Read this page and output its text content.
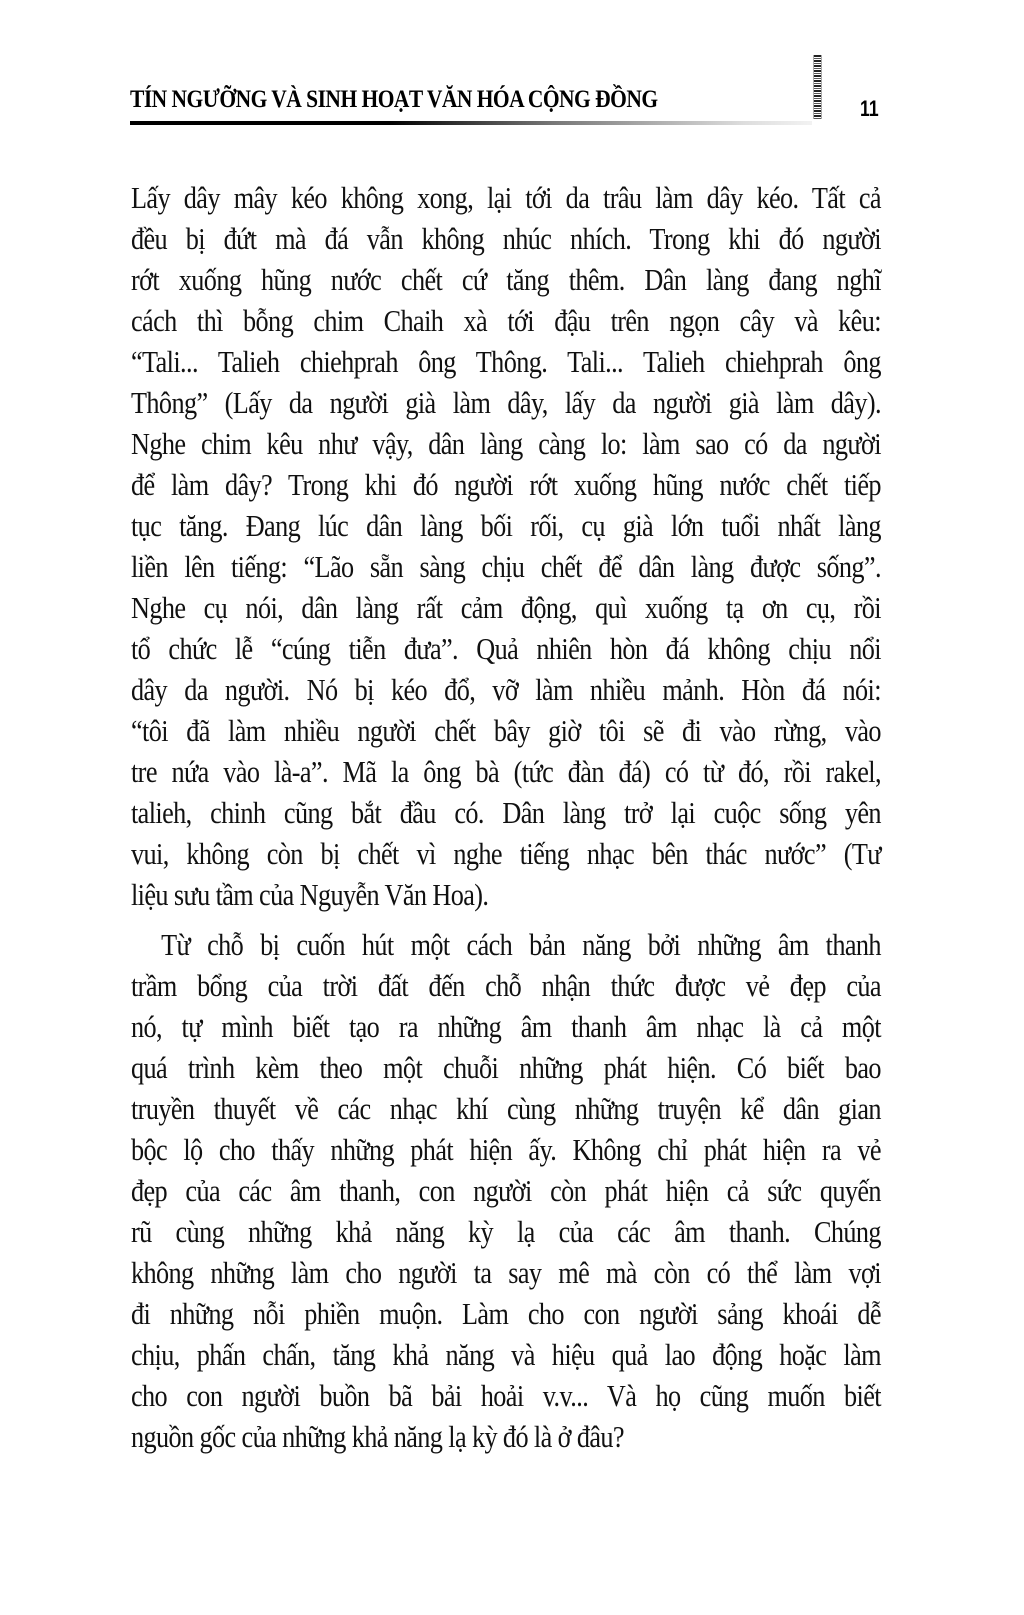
TÍN NGƯỠNG VÀ SINH HOẠT VĂN HÓA CỘNG ĐỒNG	11
Lấy dây mây kéo không xong, lại tới da trâu làm dây kéo. Tất cả
đều bị đứt mà đá vẫn không nhúc nhích. Trong khi đó người
rớt xuống hũng nước chết cứ tăng thêm. Dân làng đang nghĩ
cách thì bỗng chim Chaih xà tới đậu trên ngọn cây và kêu:
“Tali... Talieh chiehprah ông Thông. Tali... Talieh chiehprah ông
Thông” (Lấy da người già làm dây, lấy da người già làm dây).
Nghe chim kêu như vậy, dân làng càng lo: làm sao có da người
để làm dây? Trong khi đó người rớt xuống hũng nước chết tiếp
tục tăng. Đang lúc dân làng bối rối, cụ già lớn tuổi nhất làng
liền lên tiếng: “Lão sẵn sàng chịu chết để dân làng được sống”.
Nghe cụ nói, dân làng rất cảm động, quì xuống tạ ơn cụ, rồi
tổ chức lễ “cúng tiễn đưa”. Quả nhiên hòn đá không chịu nổi
dây da người. Nó bị kéo đổ, vỡ làm nhiều mảnh. Hòn đá nói:
“tôi đã làm nhiều người chết bây giờ tôi sẽ đi vào rừng, vào
tre nứa vào là-a”. Mã la ông bà (tức đàn đá) có từ đó, rồi rakel,
talieh, chinh cũng bắt đầu có. Dân làng trở lại cuộc sống yên
vui, không còn bị chết vì nghe tiếng nhạc bên thác nước” (Tư
liệu sưu tầm của Nguyễn Văn Hoa).
Từ chỗ bị cuốn hút một cách bản năng bởi những âm thanh
trầm bổng của trời đất đến chỗ nhận thức được vẻ đẹp của
nó, tự mình biết tạo ra những âm thanh âm nhạc là cả một
quá trình kèm theo một chuỗi những phát hiện. Có biết bao
truyền thuyết về các nhạc khí cùng những truyện kể dân gian
bộc lộ cho thấy những phát hiện ấy. Không chỉ phát hiện ra vẻ
đẹp của các âm thanh, con người còn phát hiện cả sức quyến
rũ cùng những khả năng kỳ lạ của các âm thanh. Chúng
không những làm cho người ta say mê mà còn có thể làm vợi
đi những nỗi phiền muộn. Làm cho con người sảng khoái dễ
chịu, phấn chấn, tăng khả năng và hiệu quả lao động hoặc làm
cho con người buồn bã bải hoải v.v... Và họ cũng muốn biết
nguồn gốc của những khả năng lạ kỳ đó là ở đâu?
